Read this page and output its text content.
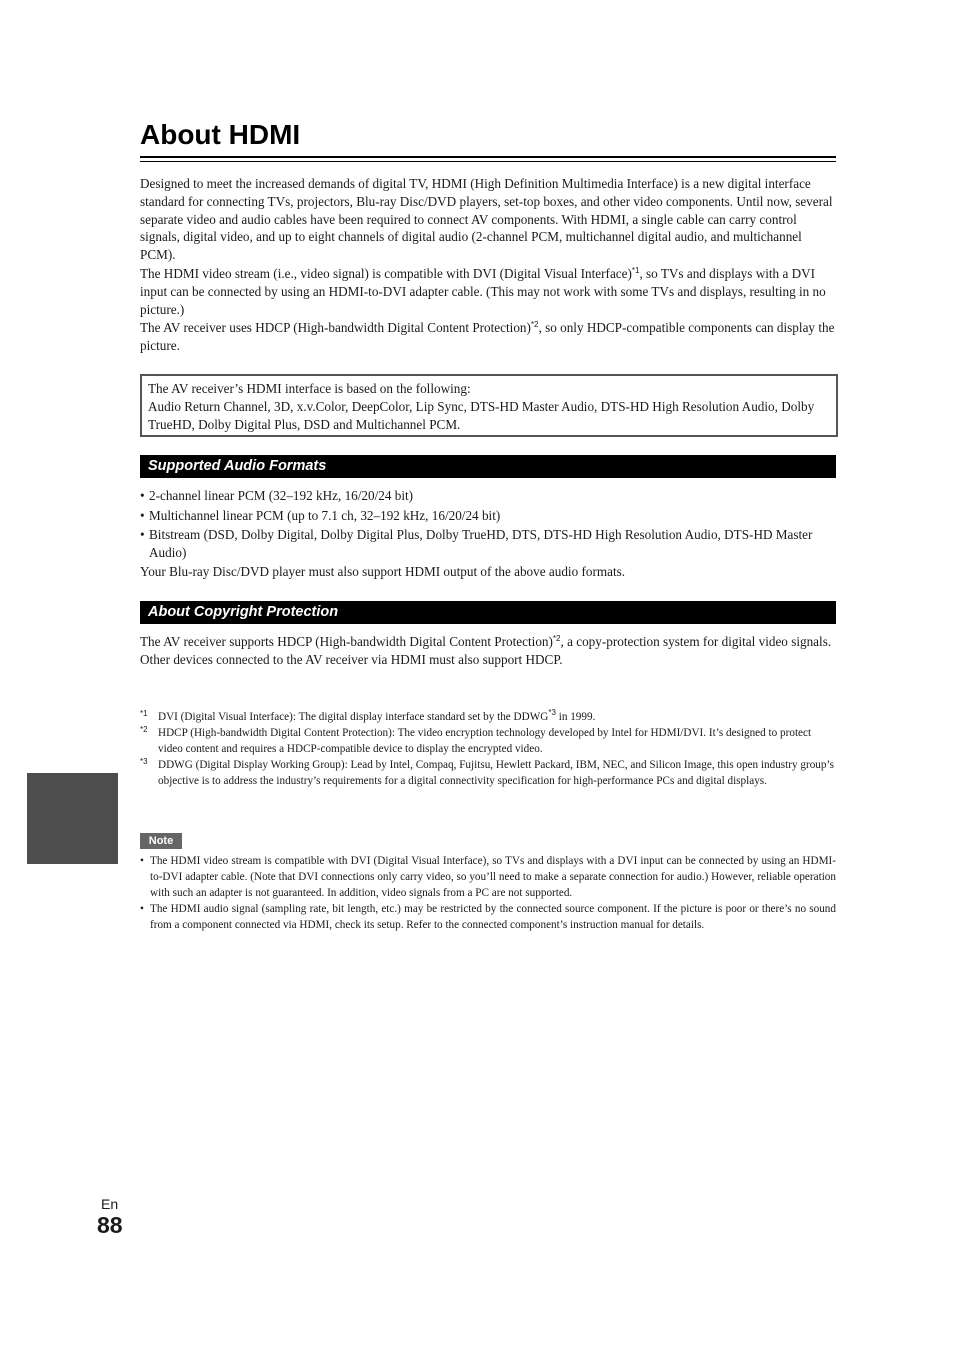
About HDMI

Designed to meet the increased demands of digital TV, HDMI (High Definition Multimedia Interface) is a new digital interface standard for connecting TVs, projectors, Blu-ray Disc/DVD players, set-top boxes, and other video components. Until now, several separate video and audio cables have been required to connect AV components. With HDMI, a single cable can carry control signals, digital video, and up to eight channels of digital audio (2-channel PCM, multichannel digital audio, and multichannel PCM).

The HDMI video stream (i.e., video signal) is compatible with DVI (Digital Visual Interface)$^{*1}$, so TVs and displays with a DVI input can be connected by using an HDMI-to-DVI adapter cable. (This may not work with some TVs and displays, resulting in no picture.)

The AV receiver uses HDCP (High-bandwidth Digital Content Protection)$^{*2}$, so only HDCP-compatible components can display the picture.

The AV receiver’s HDMI interface is based on the following:

Audio Return Channel, 3D, x.v.Color, DeepColor, Lip Sync, DTS-HD Master Audio, DTS-HD High Resolution Audio, Dolby TrueHD, Dolby Digital Plus, DSD and Multichannel PCM.

Supported Audio Formats
• 2-channel linear PCM (32–192 kHz, 16/20/24 bit)
• Multichannel linear PCM (up to 7.1 ch, 32–192 kHz, 16/20/24 bit)
• Bitstream (DSD, Dolby Digital, Dolby Digital Plus, Dolby TrueHD, DTS, DTS-HD High Resolution Audio, DTS-HD Master Audio)

Your Blu-ray Disc/DVD player must also support HDMI output of the above audio formats.

About Copyright Protection

The AV receiver supports HDCP (High-bandwidth Digital Content Protection)$^{*2}$, a copy-protection system for digital video signals. Other devices connected to the AV receiver via HDMI must also support HDCP.

*1 DVI (Digital Visual Interface): The digital display interface standard set by the DDWG$^{*3}$ in 1999.
*2 HDCP (High-bandwidth Digital Content Protection): The video encryption technology developed by Intel for HDMI/DVI. It’s designed to protect video content and requires a HDCP-compatible device to display the encrypted video.
*3 DDWG (Digital Display Working Group): Lead by Intel, Compaq, Fujitsu, Hewlett Packard, IBM, NEC, and Silicon Image, this open industry group’s objective is to address the industry’s requirements for a digital connectivity specification for high-performance PCs and digital displays.
Note
• The HDMI video stream is compatible with DVI (Digital Visual Interface), so TVs and displays with a DVI input can be connected by using an HDMI-to-DVI adapter cable. (Note that DVI connections only carry video, so you’ll need to make a separate connection for audio.) However, reliable operation with such an adapter is not guaranteed. In addition, video signals from a PC are not supported.
• The HDMI audio signal (sampling rate, bit length, etc.) may be restricted by the connected source component. If the picture is poor or there’s no sound from a component connected via HDMI, check its setup. Refer to the connected component’s instruction manual for details.
En
88
